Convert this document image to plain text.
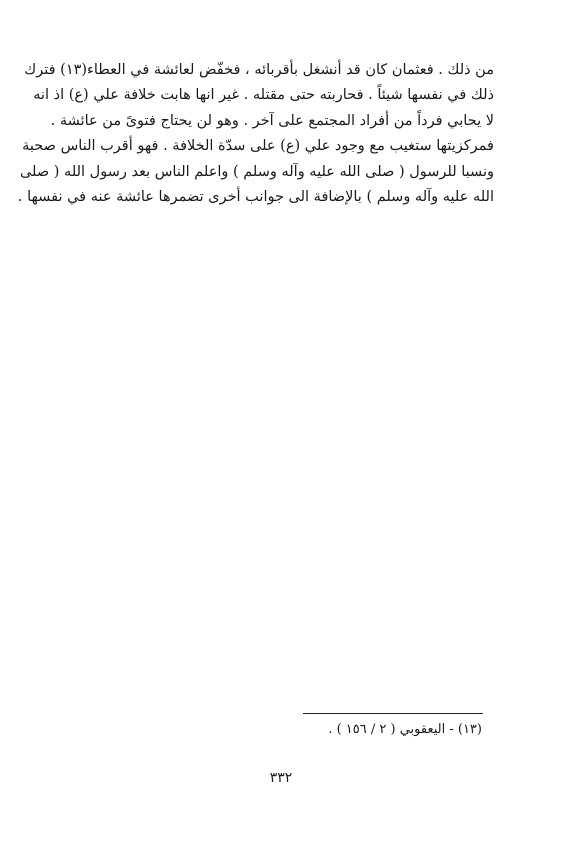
من ذلك . فعثمان كان قد أنشغل بأقربائه ، فخفّض لعائشة في العطاء(١٣) فترك
ذلك في نفسها شيئاً . فحاربته حتى مقتله . غير انها هابت خلافة علي (ع) اذ انه
لا يحابي فرداً من أفراد المجتمع على آخر . وهو لن يحتاج فتوىً من عائشة .
فمركزيتها ستغيب مع وجود علي (ع) على سدّة الخلافة . فهو أقرب الناس صحبة
ونسبا للرسول ( صلى الله عليه وآله وسلم ) واعلم الناس بعد رسول الله ( صلى
الله عليه وآله وسلم ) بالإضافة الى جوانب أخرى تضمرها عائشة عنه في نفسها .
(١٣) - اليعقوبي ( ٢ / ١٥٦ ) .
٣٣٢
